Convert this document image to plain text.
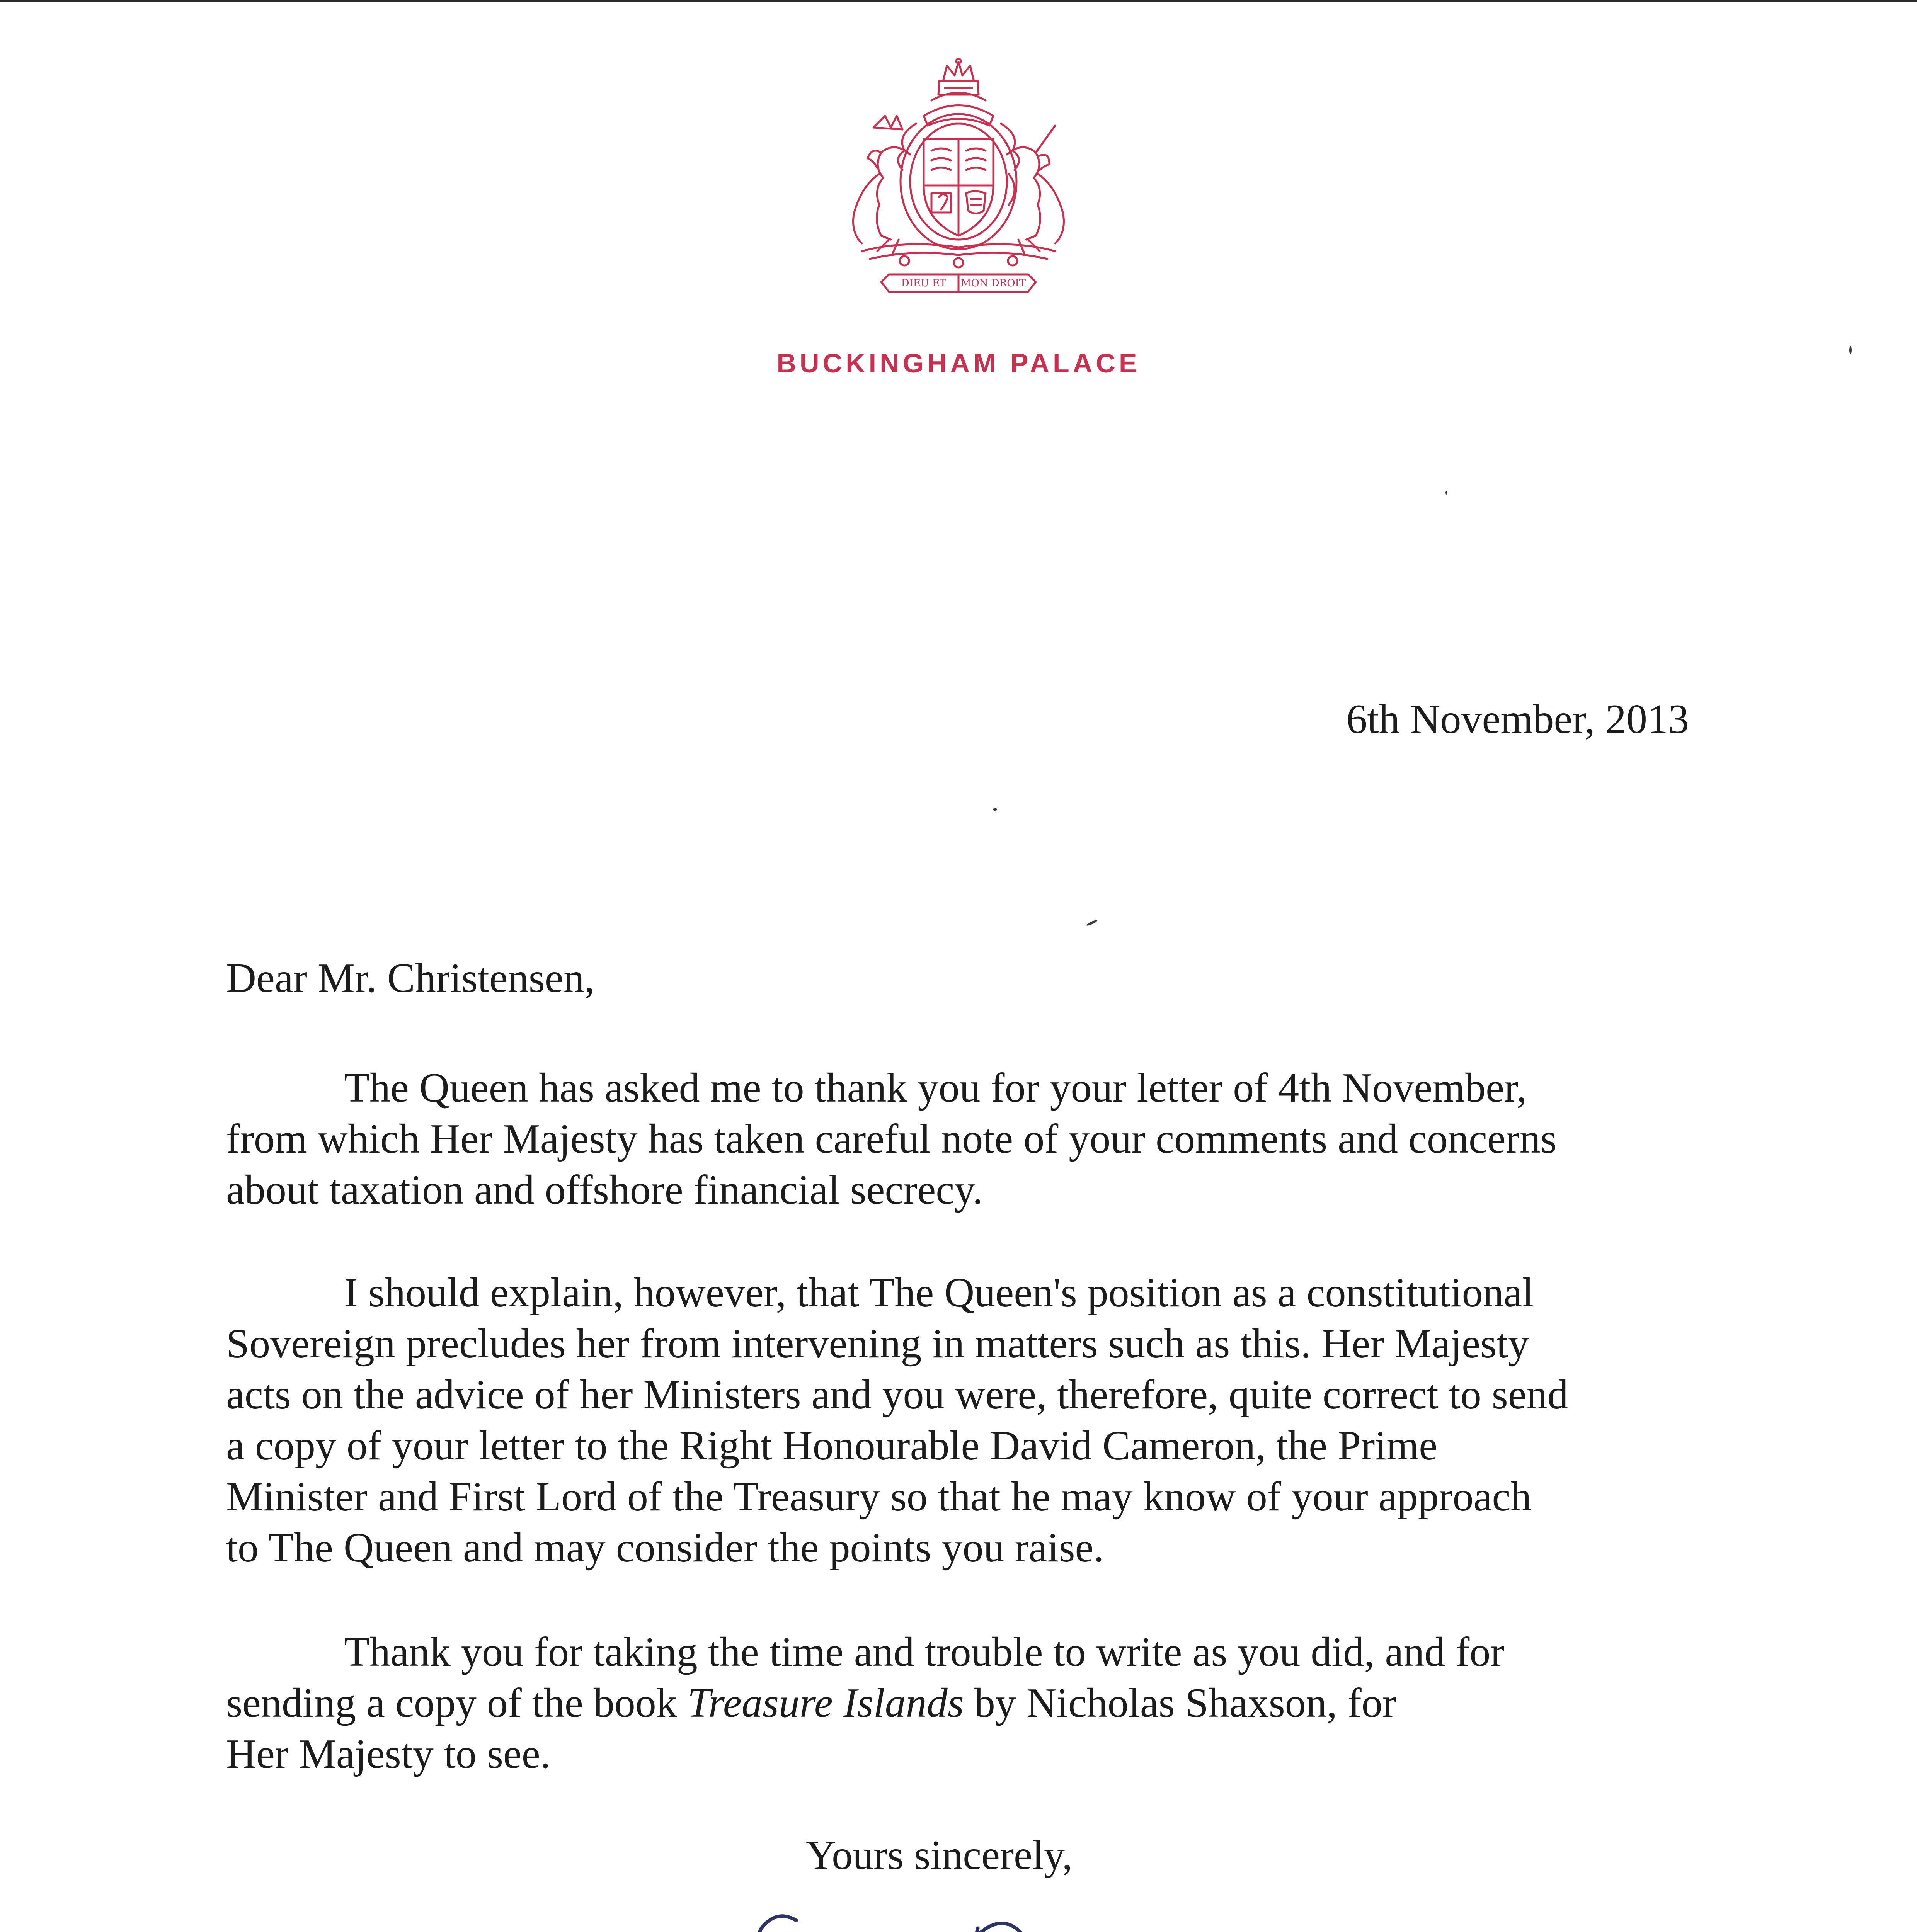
DIEU ET MON DROIT
BUCKINGHAM PALACE
6th November, 2013
Dear Mr. Christensen,
The Queen has asked me to thank you for your letter of 4th November,
from which Her Majesty has taken careful note of your comments and concerns
about taxation and offshore financial secrecy.
I should explain, however, that The Queen's position as a constitutional
Sovereign precludes her from intervening in matters such as this. Her Majesty
acts on the advice of her Ministers and you were, therefore, quite correct to send
a copy of your letter to the Right Honourable David Cameron, the Prime
Minister and First Lord of the Treasury so that he may know of your approach
to The Queen and may consider the points you raise.
Thank you for taking the time and trouble to write as you did, and for
sending a copy of the book Treasure Islands by Nicholas Shaxson, for
Her Majesty to see.
Yours sincerely,
